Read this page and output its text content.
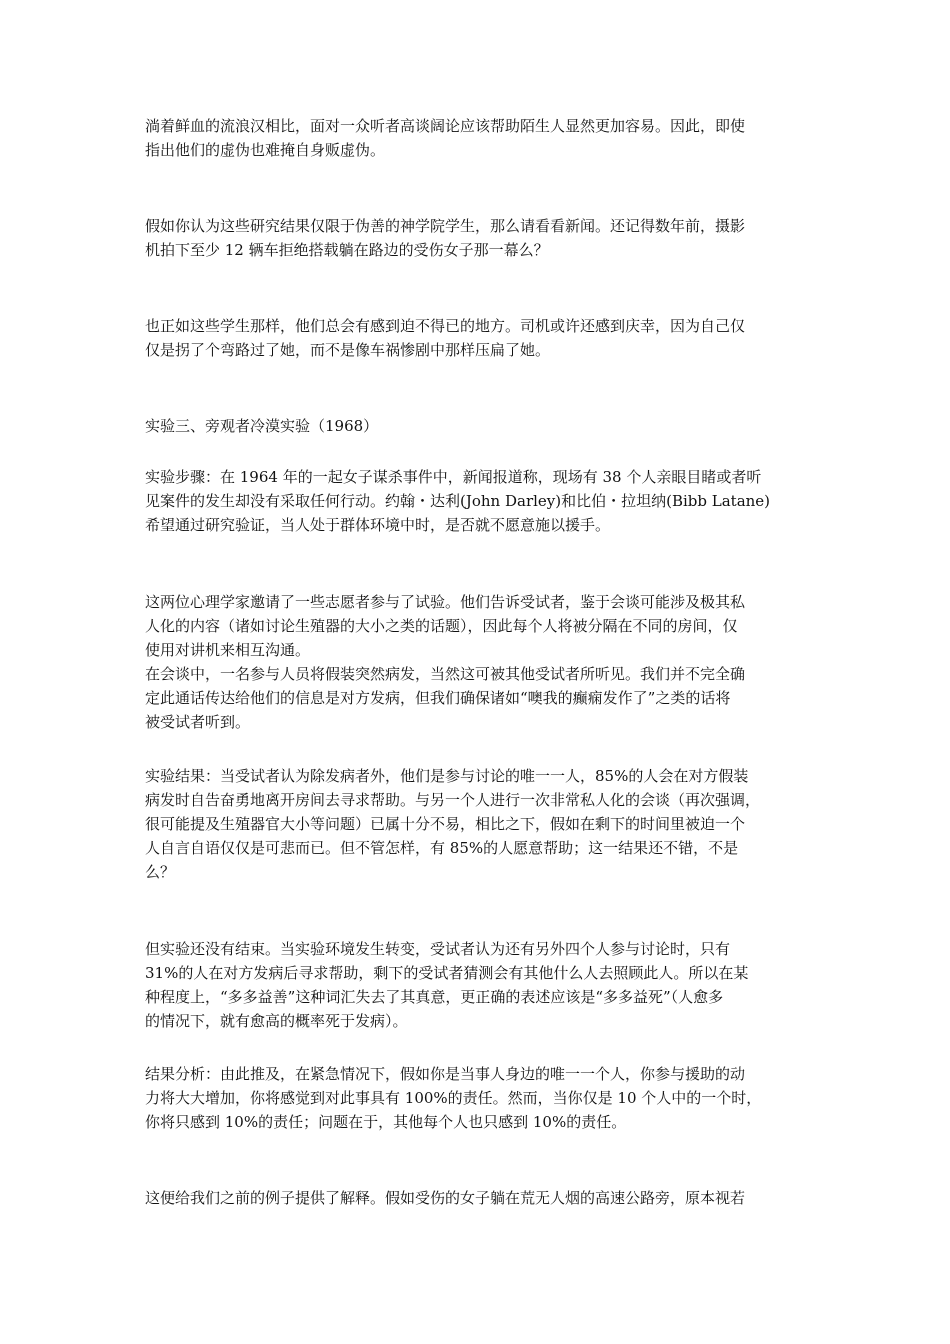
淌着鲜血的流浪汉相比，面对一众听者高谈阔论应该帮助陌生人显然更加容易。因此，即使
指出他们的虚伪也难掩自身贩虚伪。
假如你认为这些研究结果仅限于伪善的神学院学生，那么请看看新闻。还记得数年前，摄影
机拍下至少 12 辆车拒绝搭载躺在路边的受伤女子那一幕么？
也正如这些学生那样，他们总会有感到迫不得已的地方。司机或许还感到庆幸，因为自己仅
仅是拐了个弯路过了她，而不是像车祸惨剧中那样压扁了她。
实验三、旁观者冷漠实验（1968）
实验步骤：在 1964 年的一起女子谋杀事件中，新闻报道称，现场有 38 个人亲眼目睹或者听
见案件的发生却没有采取任何行动。约翰・达利(John Darley)和比伯・拉坦纳(Bibb Latane)
希望通过研究验证，当人处于群体环境中时，是否就不愿意施以援手。
这两位心理学家邀请了一些志愿者参与了试验。他们告诉受试者，鉴于会谈可能涉及极其私
人化的内容（诸如讨论生殖器的大小之类的话题），因此每个人将被分隔在不同的房间，仅
使用对讲机来相互沟通。
在会谈中，一名参与人员将假装突然病发，当然这可被其他受试者所听见。我们并不完全确
定此通话传达给他们的信息是对方发病，但我们确保诸如“噢我的癫痫发作了”之类的话将
被受试者听到。
实验结果：当受试者认为除发病者外，他们是参与讨论的唯一一人，85%的人会在对方假装
病发时自告奋勇地离开房间去寻求帮助。与另一个人进行一次非常私人化的会谈（再次强调，
很可能提及生殖器官大小等问题）已属十分不易，相比之下，假如在剩下的时间里被迫一个
人自言自语仅仅是可悲而已。但不管怎样，有 85%的人愿意帮助；这一结果还不错，不是
么？
但实验还没有结束。当实验环境发生转变，受试者认为还有另外四个人参与讨论时，只有
31%的人在对方发病后寻求帮助，剩下的受试者猜测会有其他什么人去照顾此人。所以在某
种程度上，“多多益善”这种词汇失去了其真意，更正确的表述应该是“多多益死”（人愈多
的情况下，就有愈高的概率死于发病）。
结果分析：由此推及，在紧急情况下，假如你是当事人身边的唯一一个人，你参与援助的动
力将大大增加，你将感觉到对此事具有 100%的责任。然而，当你仅是 10 个人中的一个时，
你将只感到 10%的责任；问题在于，其他每个人也只感到 10%的责任。
这便给我们之前的例子提供了解释。假如受伤的女子躺在荒无人烟的高速公路旁，原本视若
